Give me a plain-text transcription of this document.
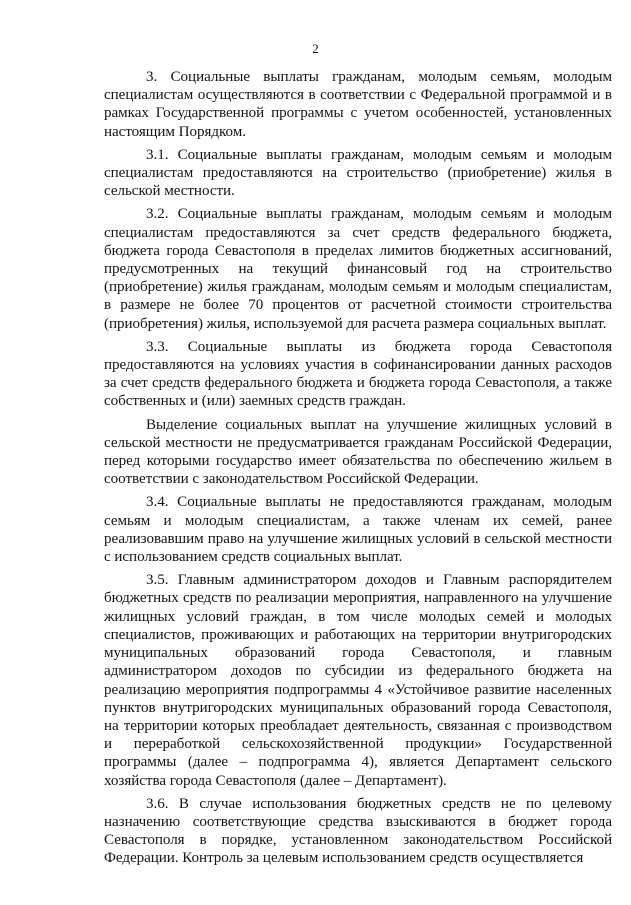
2

3. Социальные выплаты гражданам, молодым семьям, молодым специалистам осуществляются в соответствии с Федеральной программой и в рамках Государственной программы с учетом особенностей, установленных настоящим Порядком.

3.1. Социальные выплаты гражданам, молодым семьям и молодым специалистам предоставляются на строительство (приобретение) жилья в сельской местности.

3.2. Социальные выплаты гражданам, молодым семьям и молодым специалистам предоставляются за счет средств федерального бюджета, бюджета города Севастополя в пределах лимитов бюджетных ассигнований, предусмотренных на текущий финансовый год на строительство (приобретение) жилья гражданам, молодым семьям и молодым специалистам, в размере не более 70 процентов от расчетной стоимости строительства (приобретения) жилья, используемой для расчета размера социальных выплат.

3.3. Социальные выплаты из бюджета города Севастополя предоставляются на условиях участия в софинансировании данных расходов за счет средств федерального бюджета и бюджета города Севастополя, а также собственных и (или) заемных средств граждан.

Выделение социальных выплат на улучшение жилищных условий в сельской местности не предусматривается гражданам Российской Федерации, перед которыми государство имеет обязательства по обеспечению жильем в соответствии с законодательством Российской Федерации.

3.4. Социальные выплаты не предоставляются гражданам, молодым семьям и молодым специалистам, а также членам их семей, ранее реализовавшим право на улучшение жилищных условий в сельской местности с использованием средств социальных выплат.

3.5. Главным администратором доходов и Главным распорядителем бюджетных средств по реализации мероприятия, направленного на улучшение жилищных условий граждан, в том числе молодых семей и молодых специалистов, проживающих и работающих на территории внутригородских муниципальных образований города Севастополя, и главным администратором доходов по субсидии из федерального бюджета на реализацию мероприятия подпрограммы 4 «Устойчивое развитие населенных пунктов внутригородских муниципальных образований города Севастополя, на территории которых преобладает деятельность, связанная с производством и переработкой сельскохозяйственной продукции» Государственной программы (далее – подпрограмма 4), является Департамент сельского хозяйства города Севастополя (далее – Департамент).

3.6. В случае использования бюджетных средств не по целевому назначению соответствующие средства взыскиваются в бюджет города Севастополя в порядке, установленном законодательством Российской Федерации. Контроль за целевым использованием средств осуществляется
